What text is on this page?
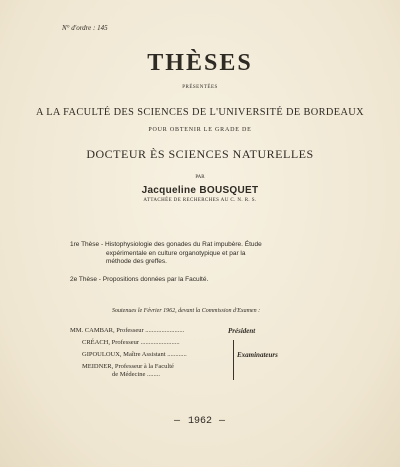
N° d'ordre : 145
THÈSES
PRÉSENTÉES
A LA FACULTÉ DES SCIENCES DE L'UNIVERSITÉ DE BORDEAUX
POUR OBTENIR LE GRADE DE
DOCTEUR ÈS SCIENCES NATURELLES
PAR
Jacqueline BOUSQUET
ATTACHÉE DE RECHERCHES AU C. N. R. S.
1re Thèse - Histophysiologie des gonades du Rat impubère. Étude
expérimentale en culture organotypique et par la
méthode des greffes.
2e Thèse - Propositions données par la Faculté.
Soutenues le Février 1962, devant la Commission d'Examen :
MM. CAMBAR, Professeur ........................	Président
CRÉACH, Professeur ........................
GIPOULOUX, Maître Assistant ............
MEIDNER, Professeur à la Faculté
de Médecine ........
Examinateurs
— 1962 —
